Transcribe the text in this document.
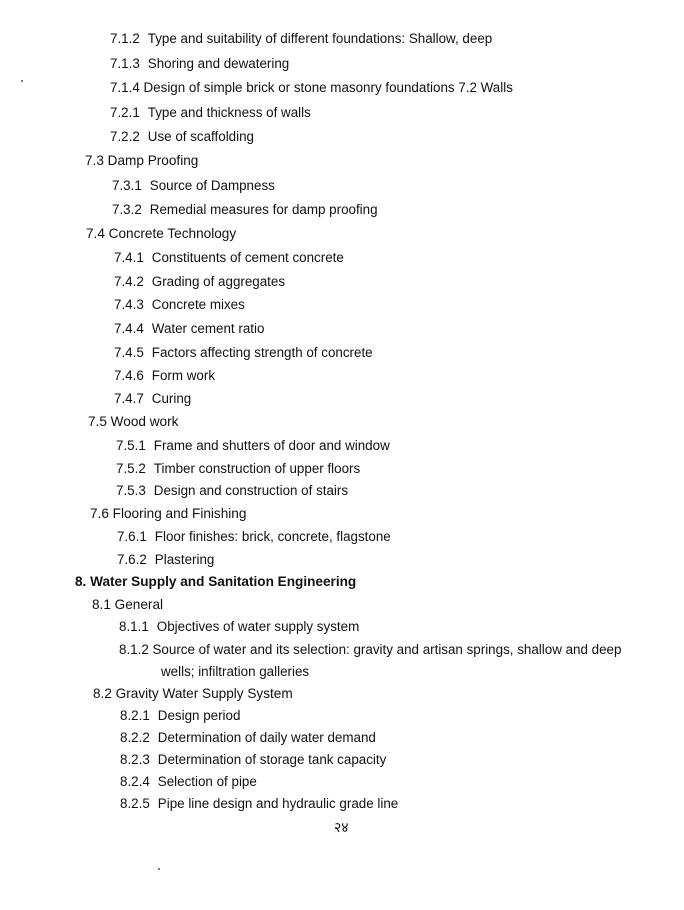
7.1.2 Type and suitability of different foundations: Shallow, deep
7.1.3 Shoring and dewatering
7.1.4 Design of simple brick or stone masonry foundations 7.2 Walls
7.2.1 Type and thickness of walls
7.2.2 Use of scaffolding
7.3 Damp Proofing
7.3.1 Source of Dampness
7.3.2 Remedial measures for damp proofing
7.4 Concrete Technology
7.4.1 Constituents of cement concrete
7.4.2 Grading of aggregates
7.4.3 Concrete mixes
7.4.4 Water cement ratio
7.4.5 Factors affecting strength of concrete
7.4.6 Form work
7.4.7 Curing
7.5 Wood work
7.5.1 Frame and shutters of door and window
7.5.2 Timber construction of upper floors
7.5.3 Design and construction of stairs
7.6 Flooring and Finishing
7.6.1 Floor finishes: brick, concrete, flagstone
7.6.2 Plastering
8. Water Supply and Sanitation Engineering
8.1 General
8.1.1 Objectives of water supply system
8.1.2 Source of water and its selection: gravity and artisan springs, shallow and deep
wells; infiltration galleries
8.2 Gravity Water Supply System
8.2.1 Design period
8.2.2 Determination of daily water demand
8.2.3 Determination of storage tank capacity
8.2.4 Selection of pipe
8.2.5 Pipe line design and hydraulic grade line
२४
